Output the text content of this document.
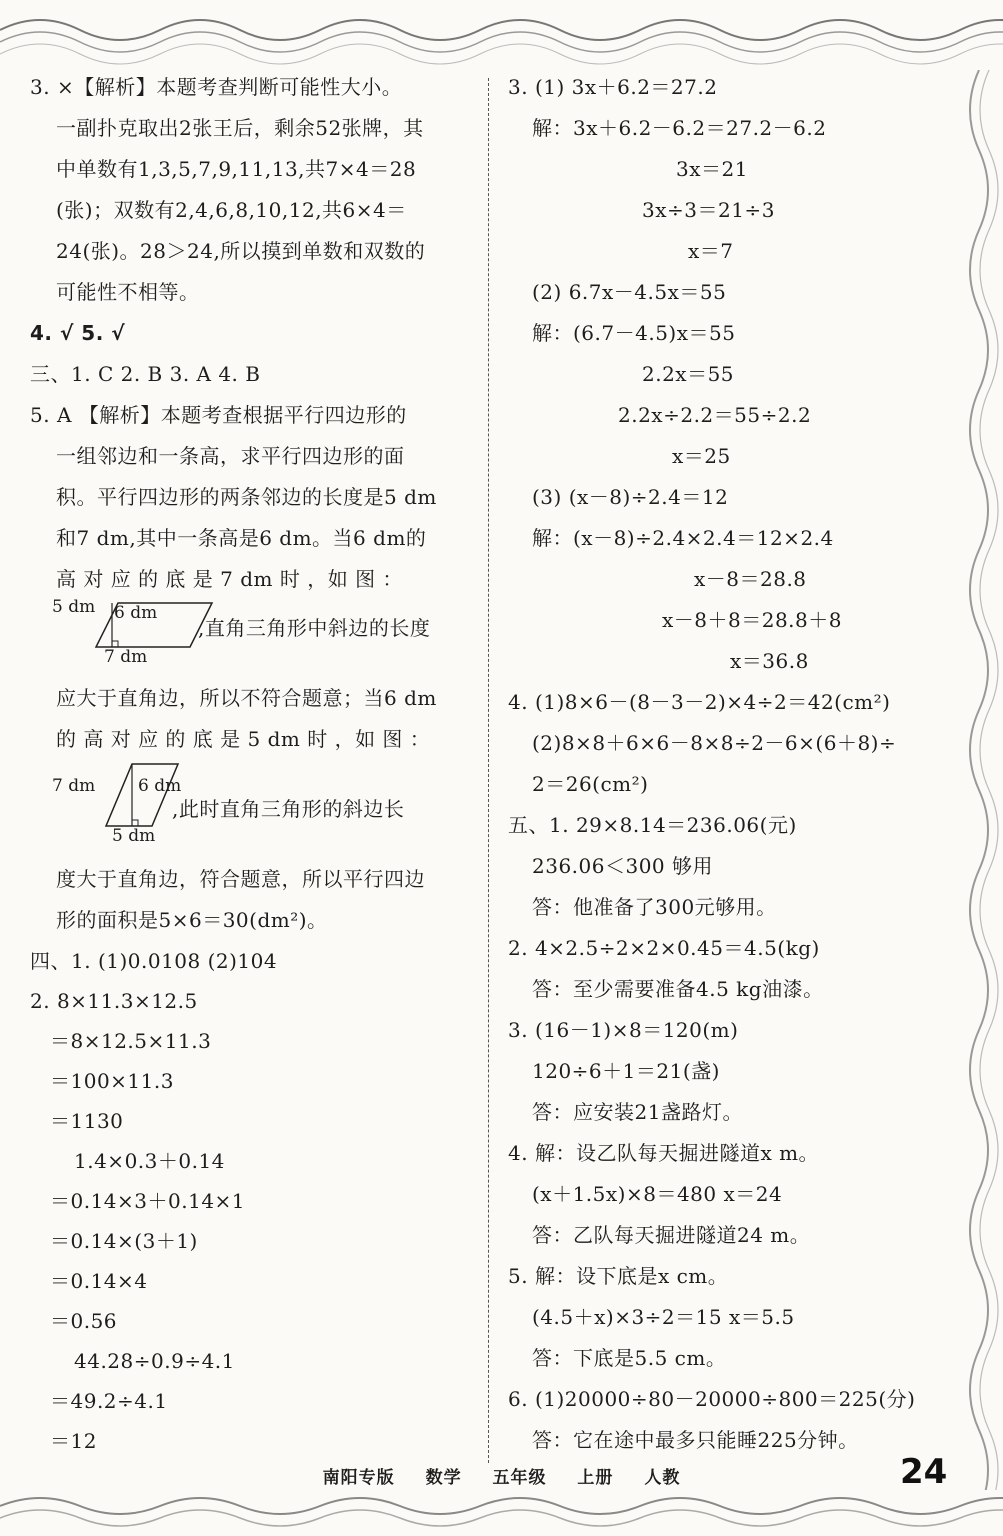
3. ×【解析】本题考查判断可能性大小。
一副扑克取出2张王后，剩余52张牌，其
中单数有1,3,5,7,9,11,13,共7×4＝28
(张)；双数有2,4,6,8,10,12,共6×4＝
24(张)。28＞24,所以摸到单数和双数的
可能性不相等。
4. √ 5. √
三、1. C 2. B 3. A 4. B
5. A 【解析】本题考查根据平行四边形的
一组邻边和一条高，求平行四边形的面
积。平行四边形的两条邻边的长度是5 dm
和7 dm,其中一条高是6 dm。当6 dm的
高 对 应 的 底 是 7 dm 时 ，如 图 ：
5 dm 6 dm
7 dm
,直角三角形中斜边的长度
应大于直角边，所以不符合题意；当6 dm
的 高 对 应 的 底 是 5 dm 时 ，如 图 ：
7 dm	6 dm
5 dm
,此时直角三角形的斜边长
度大于直角边，符合题意，所以平行四边
形的面积是5×6＝30(dm²)。
四、1. (1)0.0108 (2)104
2. 8×11.3×12.5
＝8×12.5×11.3
＝100×11.3
＝1130
1.4×0.3＋0.14
＝0.14×3＋0.14×1
＝0.14×(3＋1)
＝0.14×4
＝0.56
44.28÷0.9÷4.1
＝49.2÷4.1
＝12
3. (1) 3x＋6.2＝27.2
解：3x＋6.2－6.2＝27.2－6.2
3x＝21
3x÷3＝21÷3
x＝7
(2) 6.7x－4.5x＝55
解：(6.7－4.5)x＝55
2.2x＝55
2.2x÷2.2＝55÷2.2
x＝25
(3) (x－8)÷2.4＝12
解：(x－8)÷2.4×2.4＝12×2.4
x－8＝28.8
x－8＋8＝28.8＋8
x＝36.8
4. (1)8×6－(8－3－2)×4÷2＝42(cm²)
(2)8×8＋6×6－8×8÷2－6×(6＋8)÷
2＝26(cm²)
五、1. 29×8.14＝236.06(元)
236.06＜300 够用
答：他准备了300元够用。
2. 4×2.5÷2×2×0.45＝4.5(kg)
答：至少需要准备4.5 kg油漆。
3. (16－1)×8＝120(m)
120÷6＋1＝21(盏)
答：应安装21盏路灯。
4. 解：设乙队每天掘进隧道x m。
(x＋1.5x)×8＝480 x＝24
答：乙队每天掘进隧道24 m。
5. 解：设下底是x cm。
(4.5＋x)×3÷2＝15 x＝5.5
答：下底是5.5 cm。
6. (1)20000÷80－20000÷800＝225(分)
答：它在途中最多只能睡225分钟。
南阳专版 数学 五年级 上册 人教	24
